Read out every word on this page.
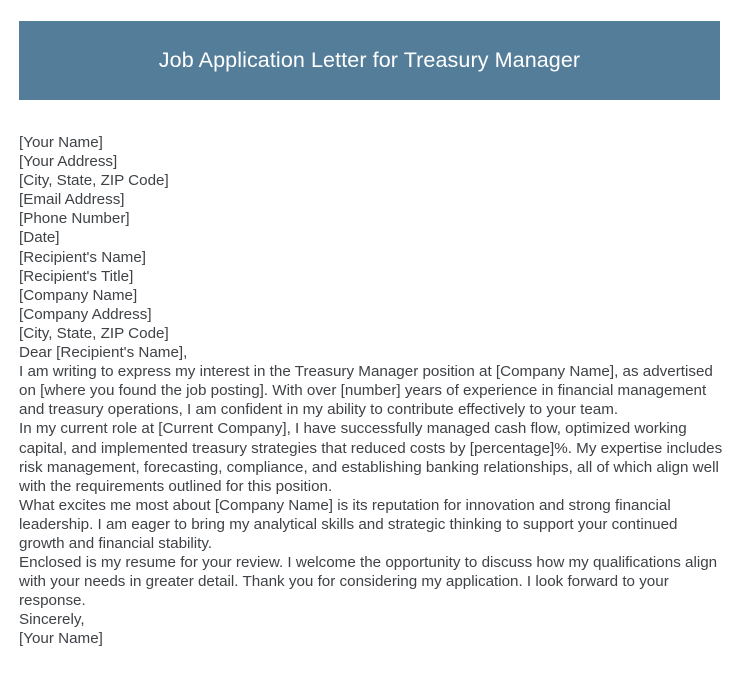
Job Application Letter for Treasury Manager
[Your Name]
[Your Address]
[City, State, ZIP Code]
[Email Address]
[Phone Number]
[Date]
[Recipient's Name]
[Recipient's Title]
[Company Name]
[Company Address]
[City, State, ZIP Code]
Dear [Recipient's Name],
I am writing to express my interest in the Treasury Manager position at [Company Name], as advertised on [where you found the job posting]. With over [number] years of experience in financial management and treasury operations, I am confident in my ability to contribute effectively to your team.
In my current role at [Current Company], I have successfully managed cash flow, optimized working capital, and implemented treasury strategies that reduced costs by [percentage]%. My expertise includes risk management, forecasting, compliance, and establishing banking relationships, all of which align well with the requirements outlined for this position.
What excites me most about [Company Name] is its reputation for innovation and strong financial leadership. I am eager to bring my analytical skills and strategic thinking to support your continued growth and financial stability.
Enclosed is my resume for your review. I welcome the opportunity to discuss how my qualifications align with your needs in greater detail. Thank you for considering my application. I look forward to your response.
Sincerely,
[Your Name]
